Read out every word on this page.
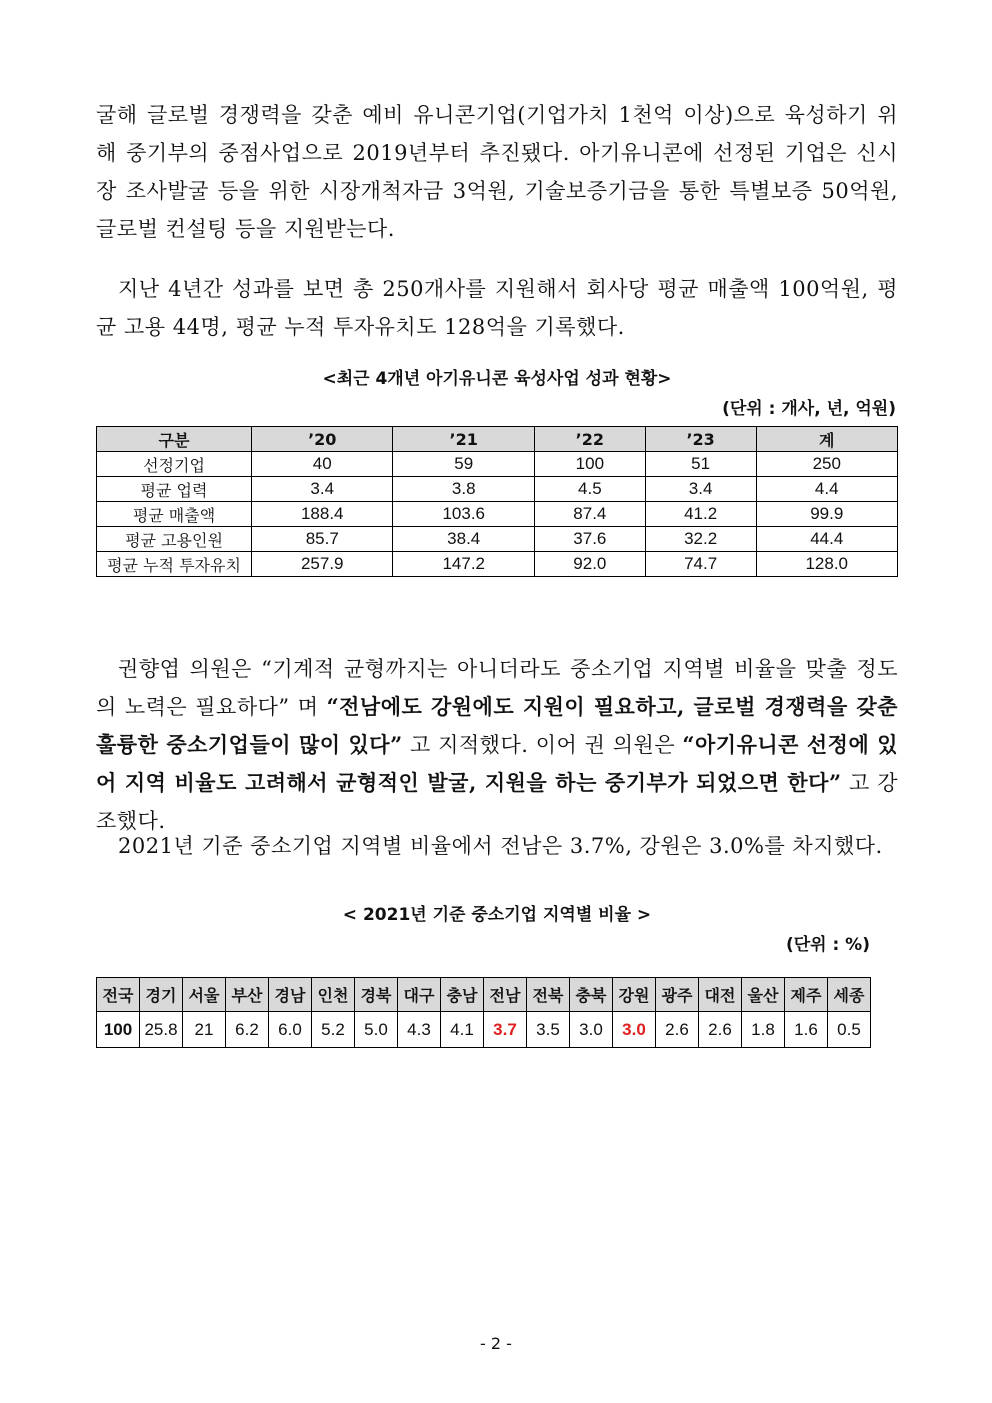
굴해 글로벌 경쟁력을 갖춘 예비 유니콘기업(기업가치 1천억 이상)으로 육성하기 위해 중기부의 중점사업으로 2019년부터 추진됐다. 아기유니콘에 선정된 기업은 신시장 조사발굴 등을 위한 시장개척자금 3억원, 기술보증기금을 통한 특별보증 50억원, 글로벌 컨설팅 등을 지원받는다.
지난 4년간 성과를 보면 총 250개사를 지원해서 회사당 평균 매출액 100억원, 평균 고용 44명, 평균 누적 투자유치도 128억을 기록했다.
<최근 4개년 아기유니콘 육성사업 성과 현황>
(단위 : 개사, 년, 억원)
구분	’20	’21	’22	’23	계
선정기업	40	59	100	51	250
평균 업력	3.4	3.8	4.5	3.4	4.4
평균 매출액	188.4	103.6	87.4	41.2	99.9
평균 고용인원	85.7	38.4	37.6	32.2	44.4
평균 누적 투자유치	257.9	147.2	92.0	74.7	128.0
권향엽 의원은 “기계적 균형까지는 아니더라도 중소기업 지역별 비율을 맞출 정도의 노력은 필요하다” 며 “전남에도 강원에도 지원이 필요하고, 글로벌 경쟁력을 갖춘 훌륭한 중소기업들이 많이 있다” 고 지적했다. 이어 권 의원은 “아기유니콘 선정에 있어 지역 비율도 고려해서 균형적인 발굴, 지원을 하는 중기부가 되었으면 한다” 고 강조했다.
2021년 기준 중소기업 지역별 비율에서 전남은 3.7%, 강원은 3.0%를 차지했다.
< 2021년 기준 중소기업 지역별 비율 >
(단위 : %)
전국	경기	서울	부산	경남	인천	경북	대구	충남	전남	전북	충북	강원	광주	대전	울산	제주	세종
100	25.8	21	6.2	6.0	5.2	5.0	4.3	4.1	3.7	3.5	3.0	3.0	2.6	2.6	1.8	1.6	0.5
- 2 -
